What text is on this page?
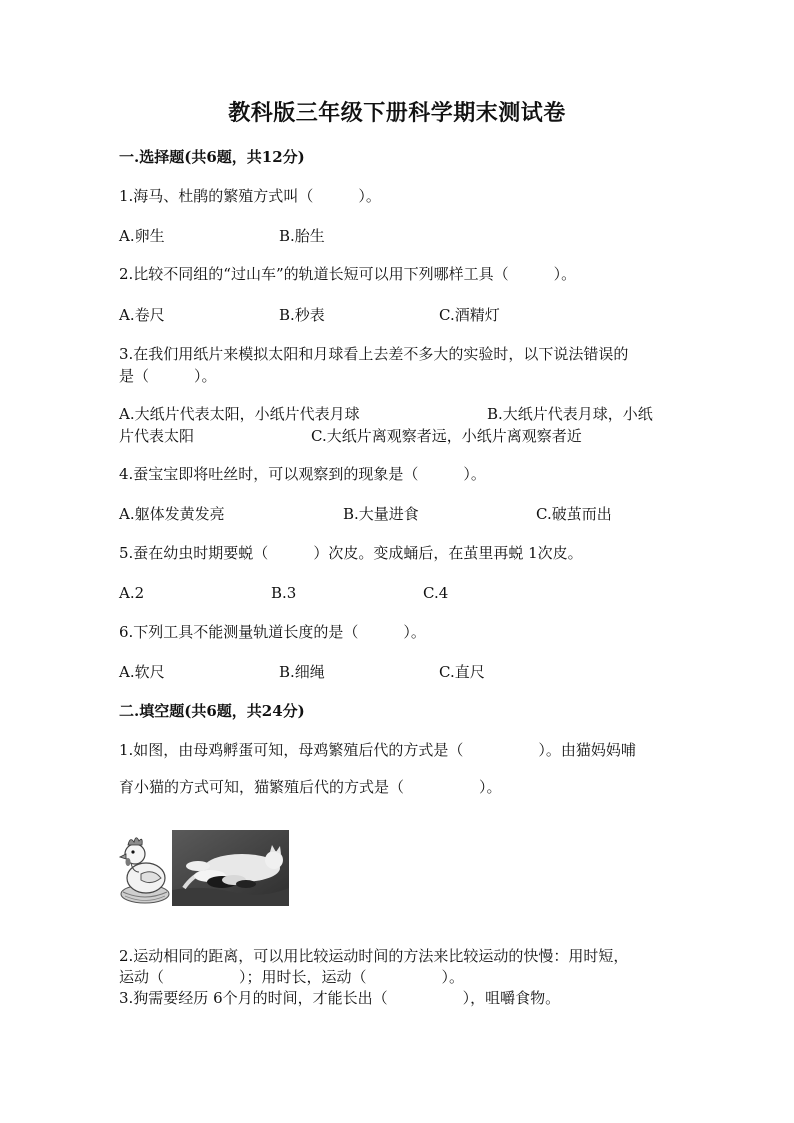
教科版三年级下册科学期末测试卷
一.选择题(共6题，共12分)
1.海马、杜鹃的繁殖方式叫（　　　）。
A.卵生	B.胎生
2.比较不同组的“过山车”的轨道长短可以用下列哪样工具（　　　）。
A.卷尺	B.秒表	C.酒精灯
3.在我们用纸片来模拟太阳和月球看上去差不多大的实验时，以下说法错误的
是（　　　）。
A.大纸片代表太阳，小纸片代表月球	B.大纸片代表月球，小纸
片代表太阳	C.大纸片离观察者远，小纸片离观察者近
4.蚕宝宝即将吐丝时，可以观察到的现象是（　　　）。
A.躯体发黄发亮	B.大量进食	C.破茧而出
5.蚕在幼虫时期要蜕（　　　）次皮。变成蛹后，在茧里再蜕 1次皮。
A.2	B.3	C.4
6.下列工具不能测量轨道长度的是（　　　）。
A.软尺	B.细绳	C.直尺
二.填空题(共6题，共24分)
1.如图，由母鸡孵蛋可知，母鸡繁殖后代的方式是（　　　　　）。由猫妈妈哺
育小猫的方式可知，猫繁殖后代的方式是（　　　　　）。
2.运动相同的距离，可以用比较运动时间的方法来比较运动的快慢：用时短，
运动（　　　　　）；用时长，运动（　　　　　）。
3.狗需要经历 6个月的时间，才能长出（　　　　　），咀嚼食物。
